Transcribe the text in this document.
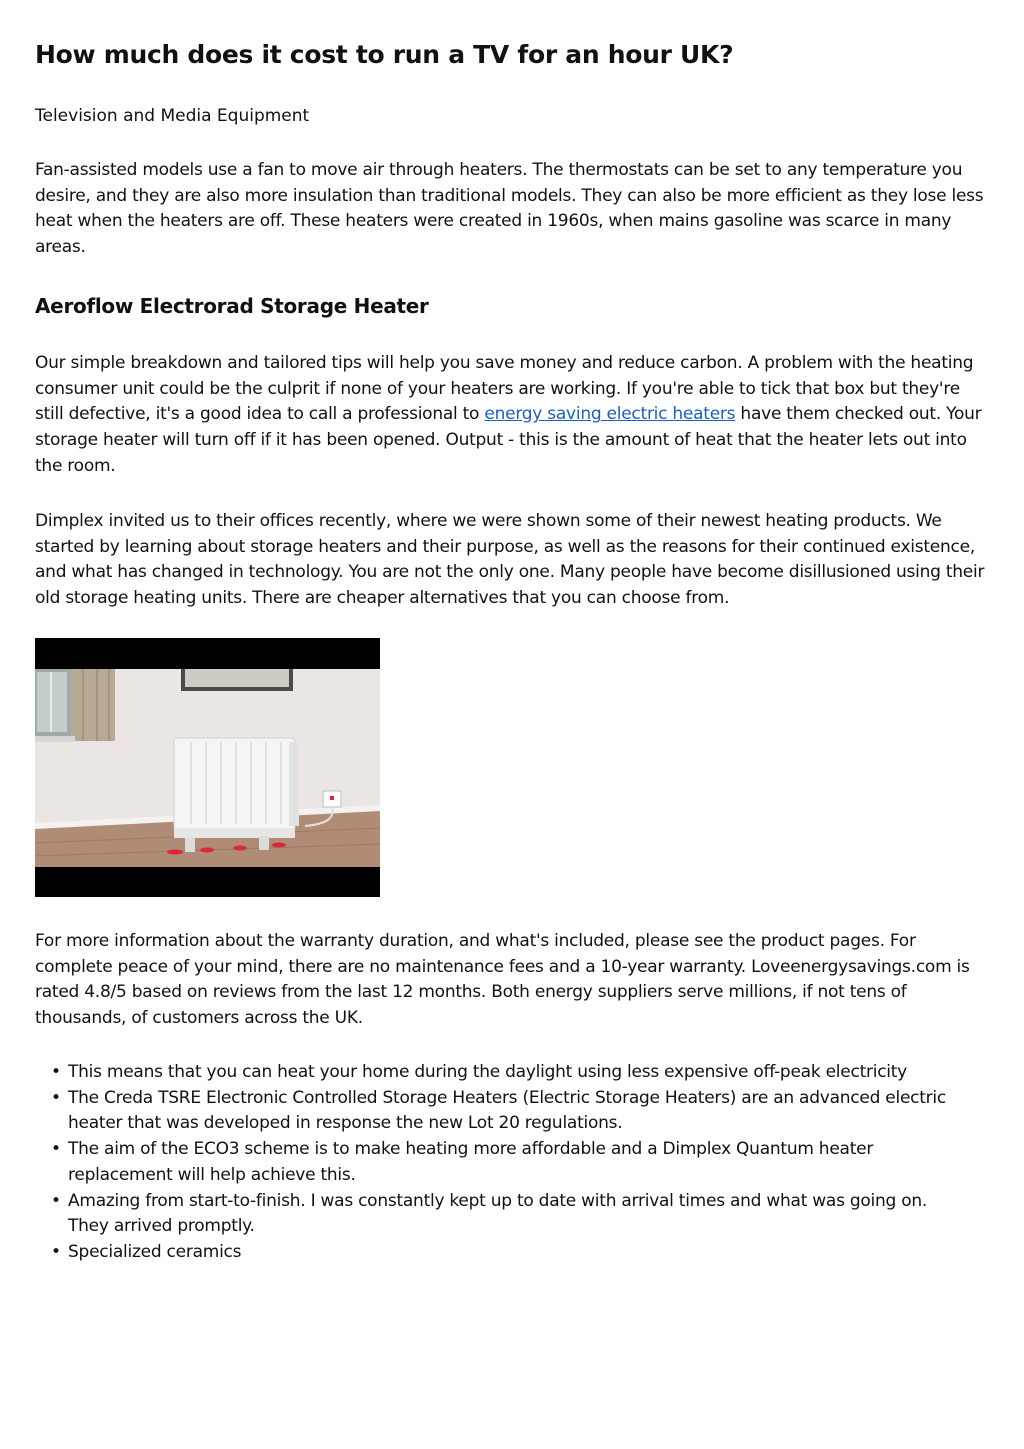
How much does it cost to run a TV for an hour UK?

Television and Media Equipment

Fan-assisted models use a fan to move air through heaters. The thermostats can be set to any temperature you desire, and they are also more insulation than traditional models. They can also be more efficient as they lose less heat when the heaters are off. These heaters were created in 1960s, when mains gasoline was scarce in many areas.

Aeroflow Electrorad Storage Heater

Our simple breakdown and tailored tips will help you save money and reduce carbon. A problem with the heating consumer unit could be the culprit if none of your heaters are working. If you're able to tick that box but they're still defective, it's a good idea to call a professional to energy saving electric heaters have them checked out. Your storage heater will turn off if it has been opened. Output - this is the amount of heat that the heater lets out into the room.

Dimplex invited us to their offices recently, where we were shown some of their newest heating products. We started by learning about storage heaters and their purpose, as well as the reasons for their continued existence, and what has changed in technology. You are not the only one. Many people have become disillusioned using their old storage heating units. There are cheaper alternatives that you can choose from.

For more information about the warranty duration, and what's included, please see the product pages. For complete peace of your mind, there are no maintenance fees and a 10-year warranty. Loveenergysavings.com is rated 4.8/5 based on reviews from the last 12 months. Both energy suppliers serve millions, if not tens of thousands, of customers across the UK.

• This means that you can heat your home during the daylight using less expensive off-peak electricity
• The Creda TSRE Electronic Controlled Storage Heaters (Electric Storage Heaters) are an advanced electric heater that was developed in response the new Lot 20 regulations.
• The aim of the ECO3 scheme is to make heating more affordable and a Dimplex Quantum heater replacement will help achieve this.
• Amazing from start-to-finish. I was constantly kept up to date with arrival times and what was going on. They arrived promptly.
• Specialized ceramics
